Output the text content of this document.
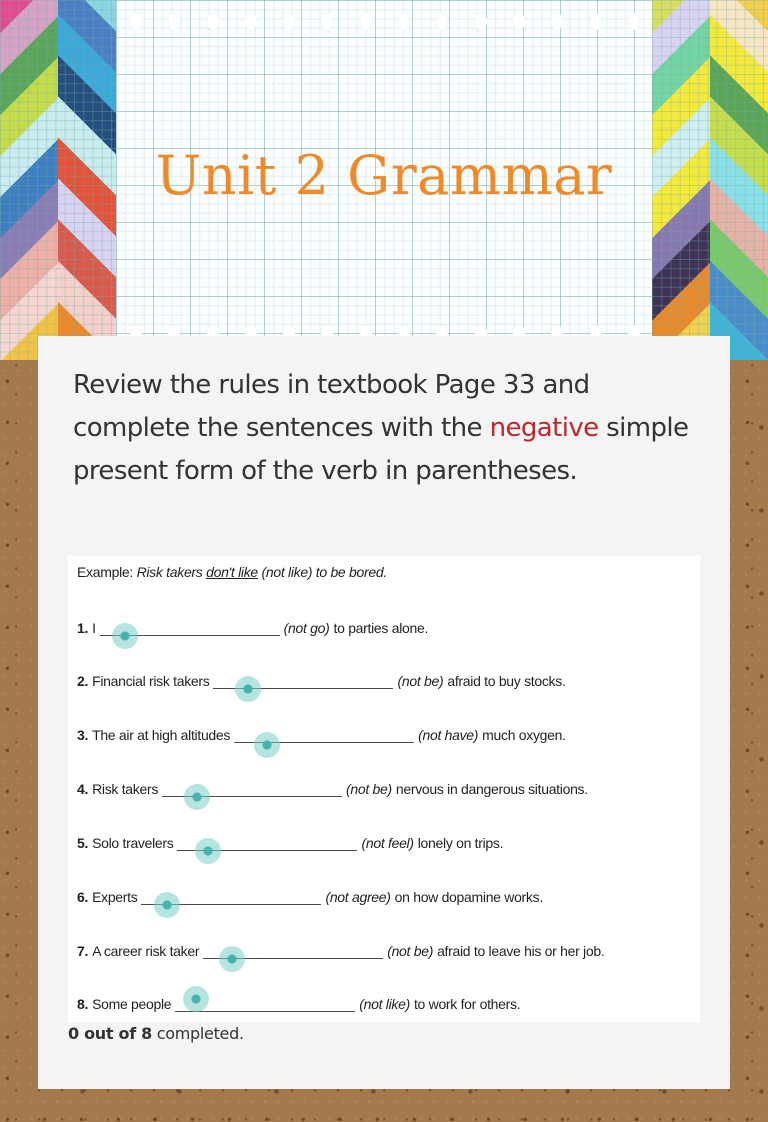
Unit 2 Grammar

Review the rules in textbook Page 33 and complete the sentences with the negative simple present form of the verb in parentheses.

Example: Risk takers don't like (not like) to be bored.
1. I	(not go) to parties alone.
2. Financial risk takers	(not be) afraid to buy stocks.
3. The air at high altitudes	(not have) much oxygen.
4. Risk takers	(not be) nervous in dangerous situations.
5. Solo travelers	(not feel) lonely on trips.
6. Experts	(not agree) on how dopamine works.
7. A career risk taker	(not be) afraid to leave his or her job.
8. Some people	(not like) to work for others.
0 out of 8 completed.
